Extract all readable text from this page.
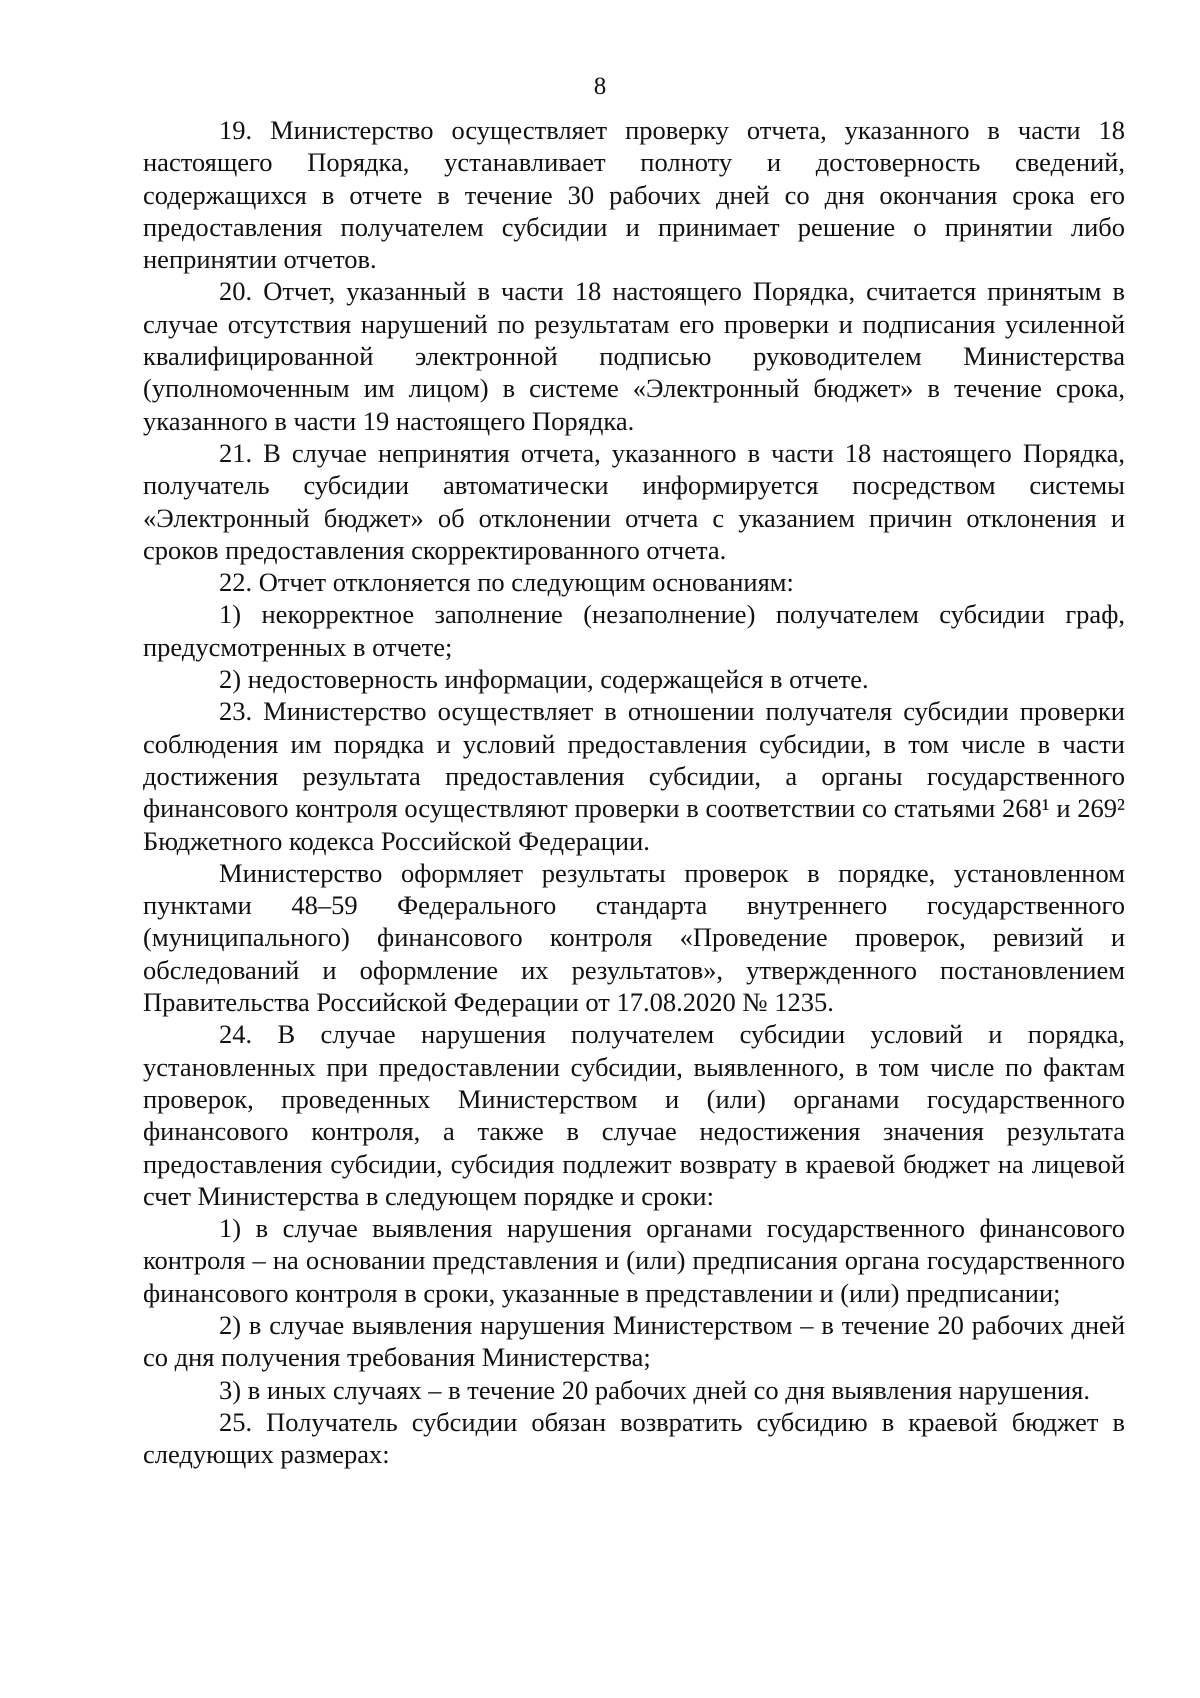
8

19. Министерство осуществляет проверку отчета, указанного в части 18 настоящего Порядка, устанавливает полноту и достоверность сведений, содержащихся в отчете в течение 30 рабочих дней со дня окончания срока его предоставления получателем субсидии и принимает решение о принятии либо непринятии отчетов.

20. Отчет, указанный в части 18 настоящего Порядка, считается принятым в случае отсутствия нарушений по результатам его проверки и подписания усиленной квалифицированной электронной подписью руководителем Министерства (уполномоченным им лицом) в системе «Электронный бюджет» в течение срока, указанного в части 19 настоящего Порядка.

21. В случае непринятия отчета, указанного в части 18 настоящего Порядка, получатель субсидии автоматически информируется посредством системы «Электронный бюджет» об отклонении отчета с указанием причин отклонения и сроков предоставления скорректированного отчета.

22. Отчет отклоняется по следующим основаниям:

1) некорректное заполнение (незаполнение) получателем субсидии граф, предусмотренных в отчете;

2) недостоверность информации, содержащейся в отчете.

23. Министерство осуществляет в отношении получателя субсидии проверки соблюдения им порядка и условий предоставления субсидии, в том числе в части достижения результата предоставления субсидии, а органы государственного финансового контроля осуществляют проверки в соответствии со статьями 268¹ и 269² Бюджетного кодекса Российской Федерации.

Министерство оформляет результаты проверок в порядке, установленном пунктами 48–59 Федерального стандарта внутреннего государственного (муниципального) финансового контроля «Проведение проверок, ревизий и обследований и оформление их результатов», утвержденного постановлением Правительства Российской Федерации от 17.08.2020 № 1235.

24. В случае нарушения получателем субсидии условий и порядка, установленных при предоставлении субсидии, выявленного, в том числе по фактам проверок, проведенных Министерством и (или) органами государственного финансового контроля, а также в случае недостижения значения результата предоставления субсидии, субсидия подлежит возврату в краевой бюджет на лицевой счет Министерства в следующем порядке и сроки:

1) в случае выявления нарушения органами государственного финансового контроля – на основании представления и (или) предписания органа государственного финансового контроля в сроки, указанные в представлении и (или) предписании;

2) в случае выявления нарушения Министерством – в течение 20 рабочих дней со дня получения требования Министерства;

3) в иных случаях – в течение 20 рабочих дней со дня выявления нарушения.

25. Получатель субсидии обязан возвратить субсидию в краевой бюджет в следующих размерах:
